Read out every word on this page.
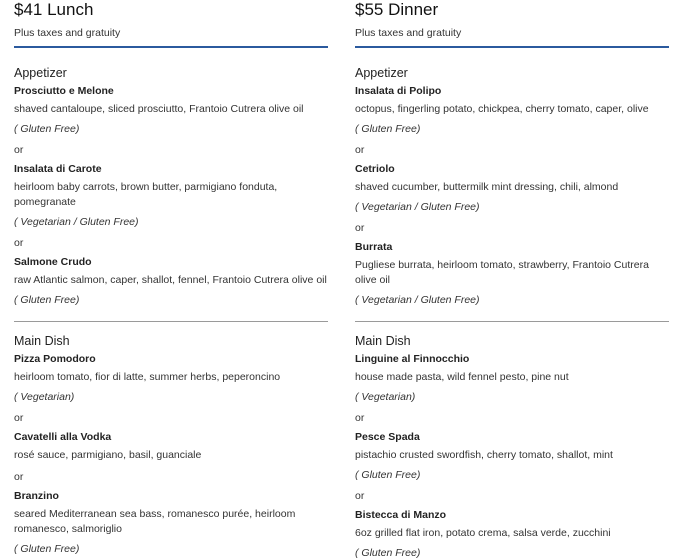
$41 Lunch
Plus taxes and gratuity
Appetizer
Prosciutto e Melone
shaved cantaloupe, sliced prosciutto, Frantoio Cutrera olive oil
( Gluten Free)
or
Insalata di Carote
heirloom baby carrots, brown butter, parmigiano fonduta, pomegranate
( Vegetarian / Gluten Free)
or
Salmone Crudo
raw Atlantic salmon, caper, shallot, fennel, Frantoio Cutrera olive oil
( Gluten Free)
Main Dish
Pizza Pomodoro
heirloom tomato, fior di latte, summer herbs, peperoncino
( Vegetarian)
or
Cavatelli alla Vodka
rosé sauce, parmigiano, basil, guanciale
or
Branzino
seared Mediterranean sea bass, romanesco purée, heirloom romanesco, salmoriglio
( Gluten Free)
$55 Dinner
Plus taxes and gratuity
Appetizer
Insalata di Polipo
octopus, fingerling potato, chickpea, cherry tomato, caper, olive
( Gluten Free)
or
Cetriolo
shaved cucumber, buttermilk mint dressing, chili, almond
( Vegetarian / Gluten Free)
or
Burrata
Pugliese burrata, heirloom tomato, strawberry, Frantoio Cutrera olive oil
( Vegetarian / Gluten Free)
Main Dish
Linguine al Finnocchio
house made pasta, wild fennel pesto, pine nut
( Vegetarian)
or
Pesce Spada
pistachio crusted swordfish, cherry tomato, shallot, mint
( Gluten Free)
or
Bistecca di Manzo
6oz grilled flat iron, potato crema, salsa verde, zucchini
( Gluten Free)
